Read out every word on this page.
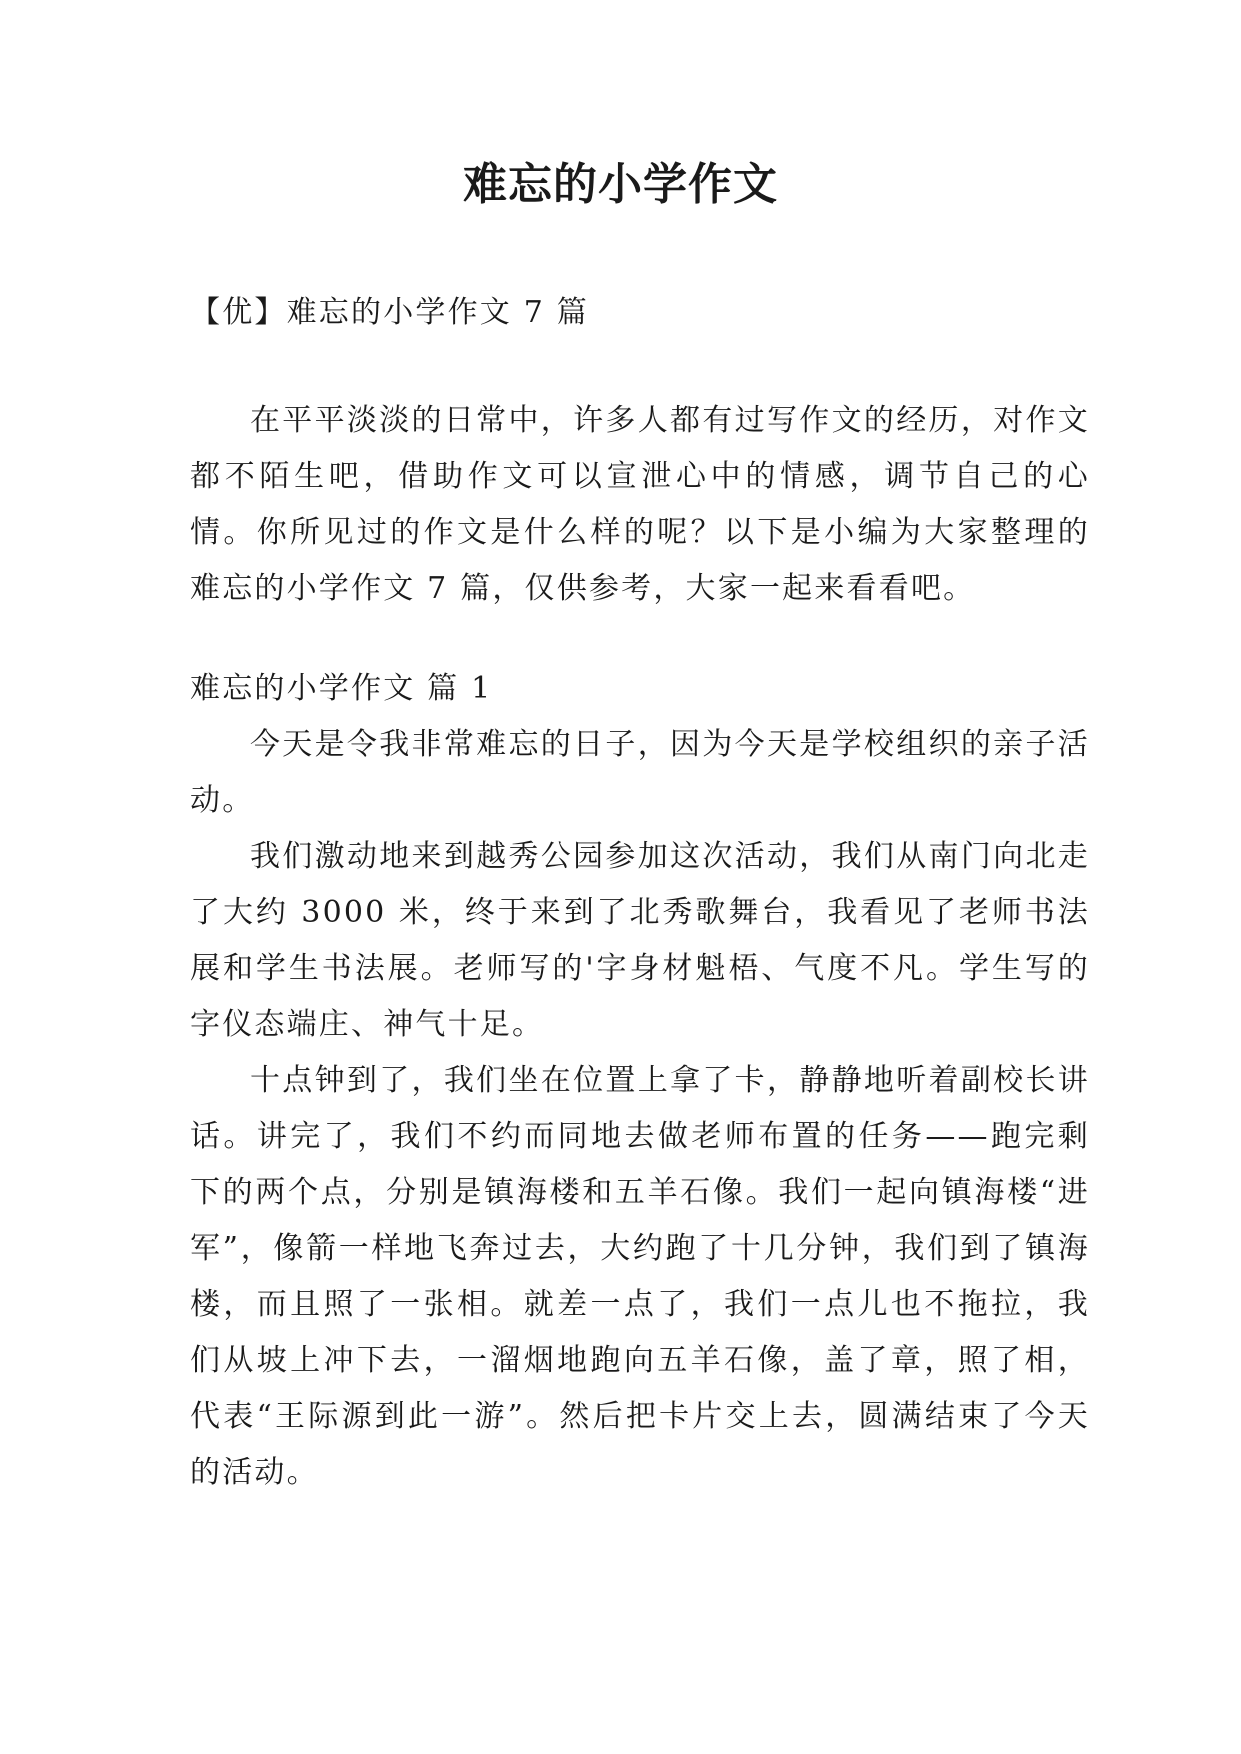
难忘的小学作文

【优】难忘的小学作文 7 篇

在平平淡淡的日常中，许多人都有过写作文的经历，对作文都不陌生吧，借助作文可以宣泄心中的情感，调节自己的心情。你所见过的作文是什么样的呢？以下是小编为大家整理的难忘的小学作文 7 篇，仅供参考，大家一起来看看吧。

难忘的小学作文 篇 1

今天是令我非常难忘的日子，因为今天是学校组织的亲子活动。

我们激动地来到越秀公园参加这次活动，我们从南门向北走了大约 3000 米，终于来到了北秀歌舞台，我看见了老师书法展和学生书法展。老师写的'字身材魁梧、气度不凡。学生写的字仪态端庄、神气十足。

十点钟到了，我们坐在位置上拿了卡，静静地听着副校长讲话。讲完了，我们不约而同地去做老师布置的任务——跑完剩下的两个点，分别是镇海楼和五羊石像。我们一起向镇海楼“进军”，像箭一样地飞奔过去，大约跑了十几分钟，我们到了镇海楼，而且照了一张相。就差一点了，我们一点儿也不拖拉，我们从坡上冲下去，一溜烟地跑向五羊石像，盖了章，照了相，代表“王际源到此一游”。然后把卡片交上去，圆满结束了今天的活动。
